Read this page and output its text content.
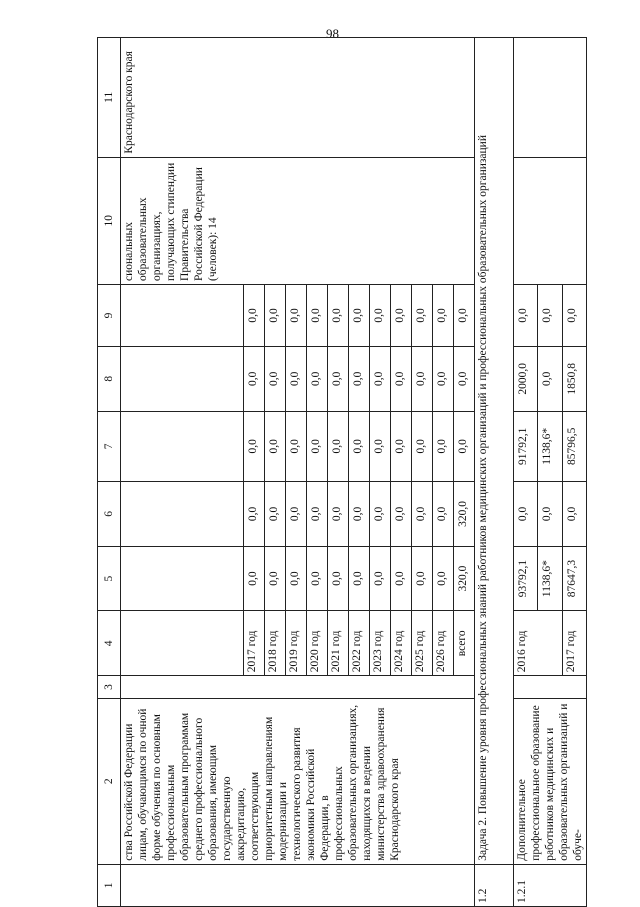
98
1	2	3	4	5	6	7	8	9	10	11
	ства Российской Федерации лицам, обучающимся по очной форме обучения по основным профессиональным образовательным программам среднего профессионального образования, имеющим государственную аккредитацию, соответствующим приоритетным направлениям модернизации и технологического развития экономики Российской Федерации, в профессиональных образовательных организациях, находящихся в ведении министерства здравоохранения Краснодарского края								сиональных образовательных организациях, получающих стипендии Правительства Российской Федерации (человек): 14	Краснодарского края
			2017 год	0,0	0,0	0,0	0,0	0,0		
			2018 год	0,0	0,0	0,0	0,0	0,0		
			2019 год	0,0	0,0	0,0	0,0	0,0		
			2020 год	0,0	0,0	0,0	0,0	0,0		
			2021 год	0,0	0,0	0,0	0,0	0,0		
			2022 год	0,0	0,0	0,0	0,0	0,0		
			2023 год	0,0	0,0	0,0	0,0	0,0		
			2024 год	0,0	0,0	0,0	0,0	0,0		
			2025 год	0,0	0,0	0,0	0,0	0,0		
			2026 год	0,0	0,0	0,0	0,0	0,0		
			всего	320,0	320,0	0,0	0,0	0,0		
1.2	Задача 2. Повышение уровня профессиональных знаний работников медицинских организаций и профессиональных образовательных организаций									
1.2.1	Дополнительное профессиональное образование работников медицинских и образовательных организаций и обуче-		2016 год	93792,1	0,0	91792,1	2000,0	0,0		
				1138,6*	0,0	1138,6*	0,0	0,0		
			2017 год	87647,3	0,0	85796,5	1850,8	0,0		
